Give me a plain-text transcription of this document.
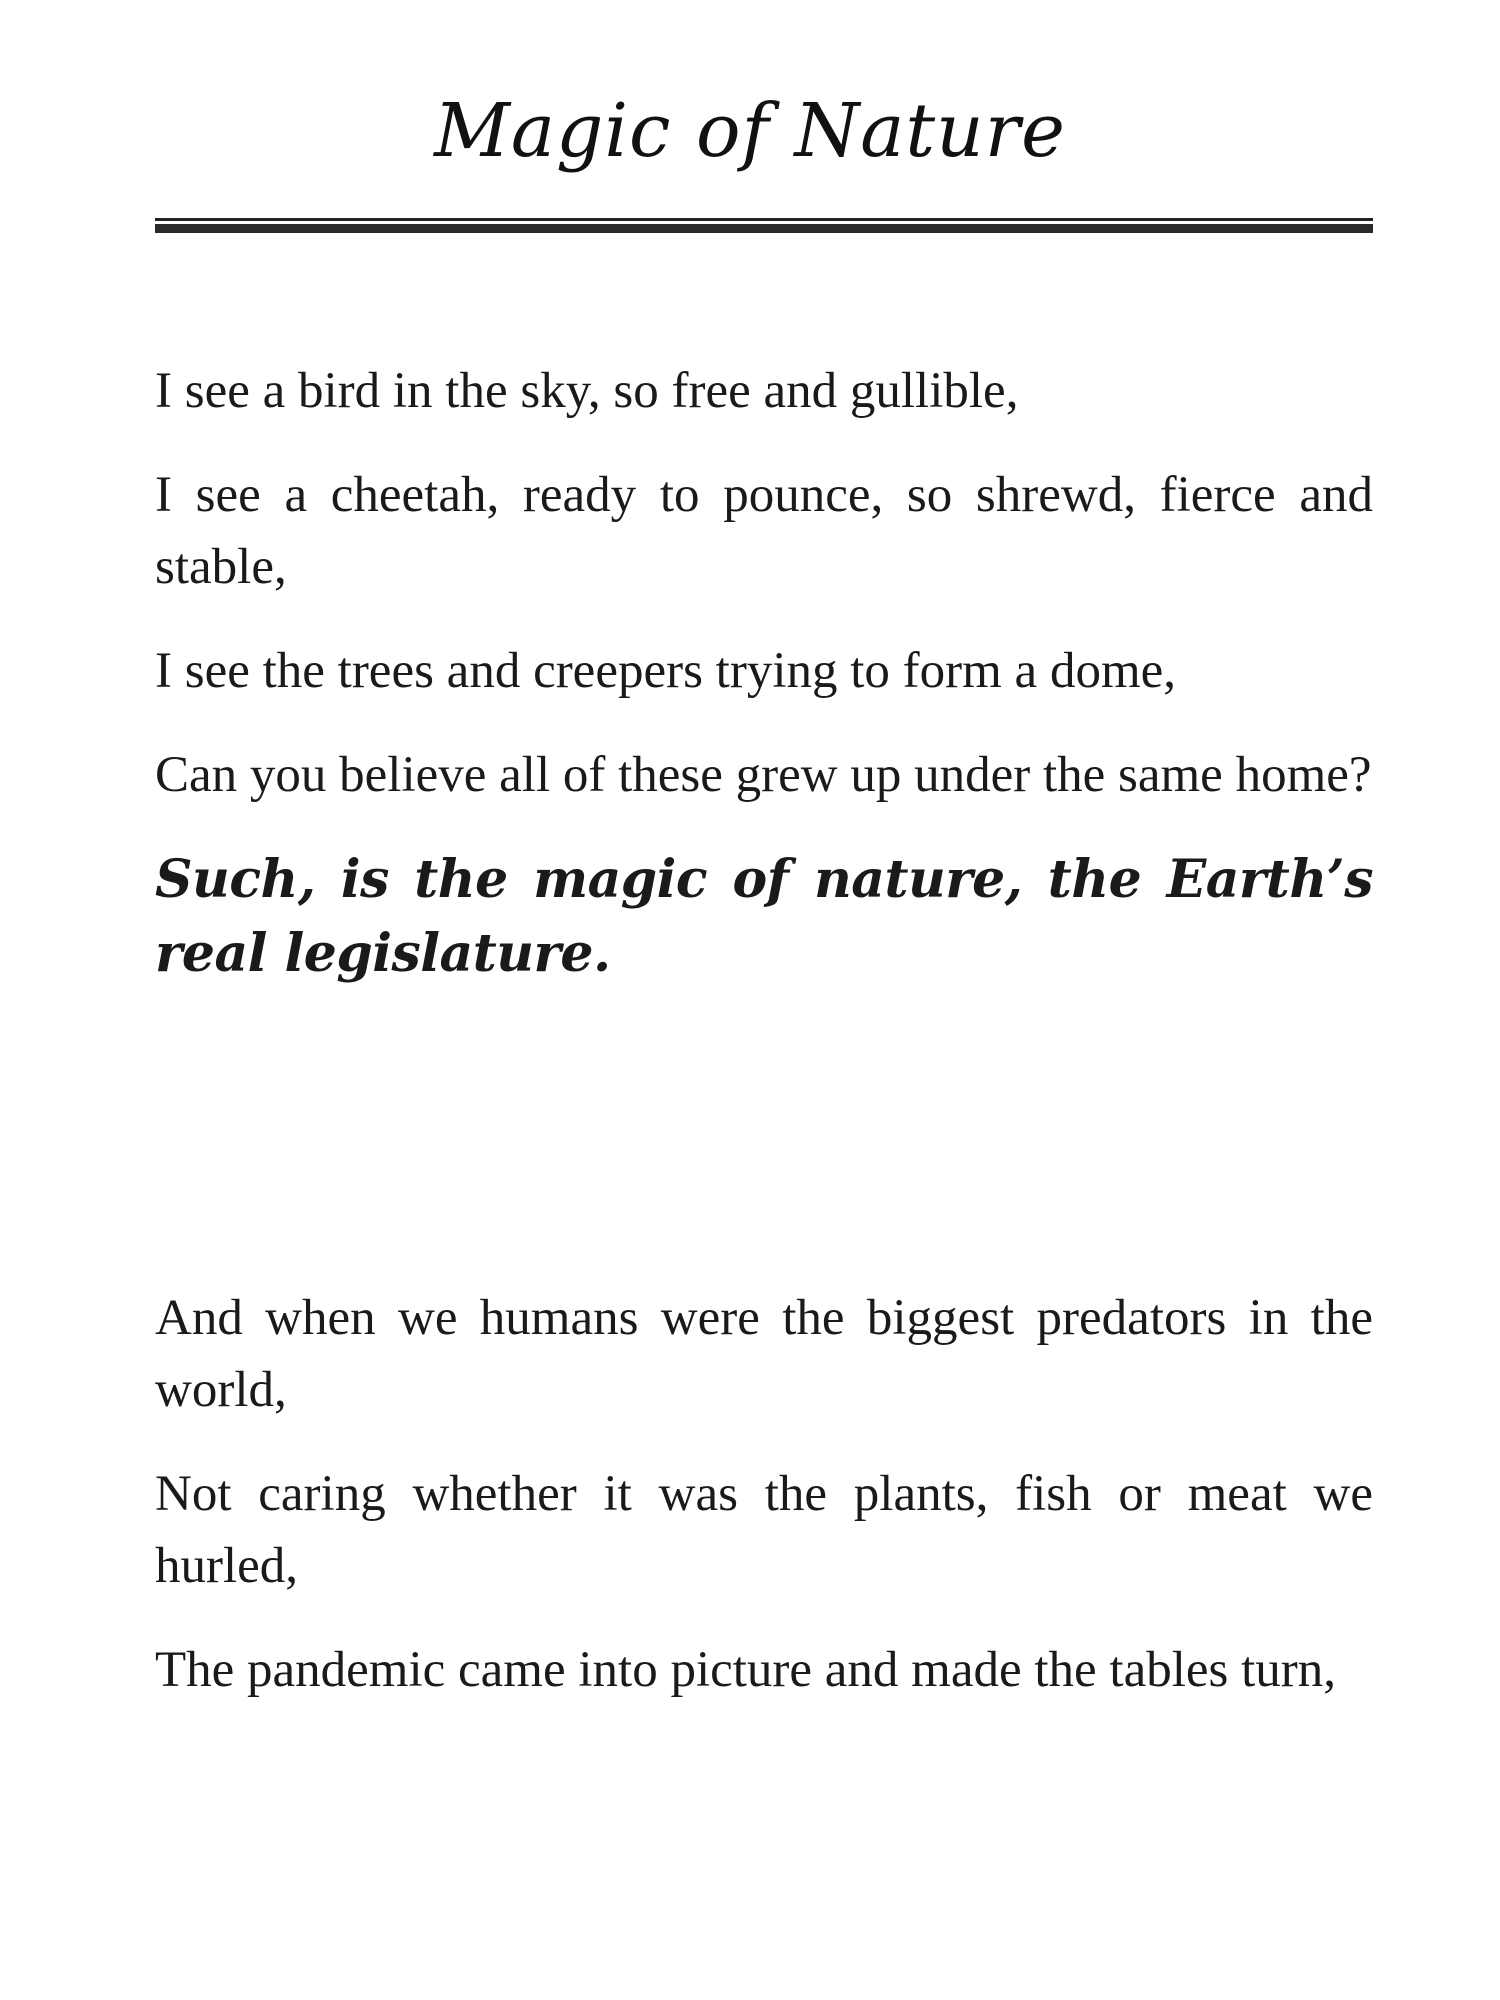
Magic of Nature

I see a bird in the sky, so free and gullible,

I see a cheetah, ready to pounce, so shrewd, fierce and stable,

I see the trees and creepers trying to form a dome,

Can you believe all of these grew up under the same home?

Such, is the magic of nature, the Earth’s real legislature.

And when we humans were the biggest predators in the world,

Not caring whether it was the plants, fish or meat we hurled,

The pandemic came into picture and made the tables turn,
